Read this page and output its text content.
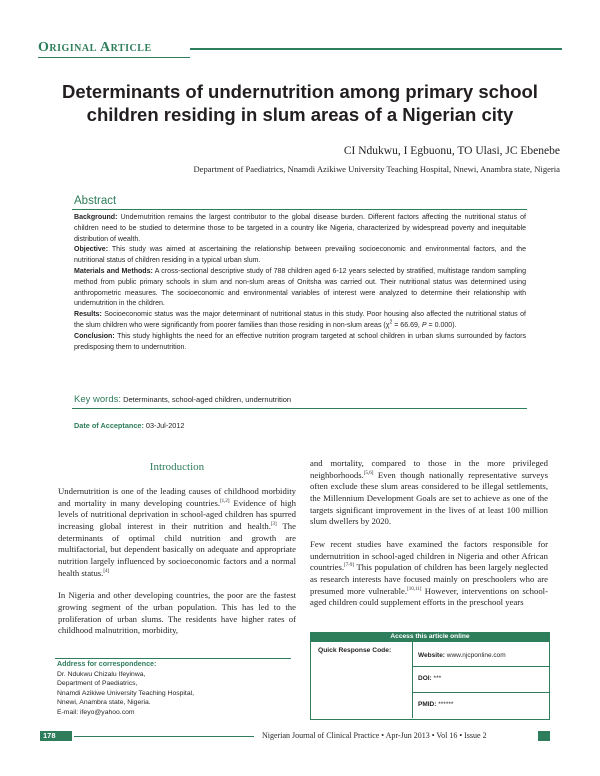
Original Article
Determinants of undernutrition among primary school children residing in slum areas of a Nigerian city
CI Ndukwu, I Egbuonu, TO Ulasi, JC Ebenebe
Department of Paediatrics, Nnamdi Azikiwe University Teaching Hospital, Nnewi, Anambra state, Nigeria
Abstract

Background: Undernutrition remains the largest contributor to the global disease burden. Different factors affecting the nutritional status of children need to be studied to determine those to be targeted in a country like Nigeria, characterized by widespread poverty and inequitable distribution of wealth.

Objective: This study was aimed at ascertaining the relationship between prevailing socioeconomic and environmental factors, and the nutritional status of children residing in a typical urban slum.

Materials and Methods: A cross-sectional descriptive study of 788 children aged 6-12 years selected by stratified, multistage random sampling method from public primary schools in slum and non-slum areas of Onitsha was carried out. Their nutritional status was determined using anthropometric measures. The socioeconomic and environmental variables of interest were analyzed to determine their relationship with undernutrition in the children.

Results: Socioeconomic status was the major determinant of nutritional status in this study. Poor housing also affected the nutritional status of the slum children who were significantly from poorer families than those residing in non-slum areas ($\chi^2 = 66.69$, P = 0.000).

Conclusion: This study highlights the need for an effective nutrition program targeted at school children in urban slums surrounded by factors predisposing them to undernutrition.

Key words: Determinants, school-aged children, undernutrition
Date of Acceptance: 03-Jul-2012
Introduction

Undernutrition is one of the leading causes of childhood morbidity and mortality in many developing countries.[1,2] Evidence of high levels of nutritional deprivation in school-aged children has spurred increasing global interest in their nutrition and health.[3] The determinants of optimal child nutrition and growth are multifactorial, but dependent basically on adequate and appropriate nutrition largely influenced by socioeconomic factors and a normal health status.[4]

In Nigeria and other developing countries, the poor are the fastest growing segment of the urban population. This has led to the proliferation of urban slums. The residents have higher rates of childhood malnutrition, morbidity,

and mortality, compared to those in the more privileged neighborhoods.[5,6] Even though nationally representative surveys often exclude these slum areas considered to be illegal settlements, the Millennium Development Goals are set to achieve as one of the targets significant improvement in the lives of at least 100 million slum dwellers by 2020.

Few recent studies have examined the factors responsible for undernutrition in school-aged children in Nigeria and other African countries.[7-9] This population of children has been largely neglected as research interests have focused mainly on preschoolers who are presumed more vulnerable.[10,11] However, interventions on school-aged children could supplement efforts in the preschool years

Address for correspondence:
Dr. Ndukwu Chizalu Ifeyinwa,
Department of Paediatrics,
Nnamdi Azikiwe University Teaching Hospital,
Nnewi, Anambra state, Nigeria.
E-mail: ifeyo@yahoo.com
Access this article online
Quick Response Code:
Website: www.njcponline.com
DOI: ***
PMID: ******
178	Nigerian Journal of Clinical Practice • Apr-Jun 2013 • Vol 16 • Issue 2
